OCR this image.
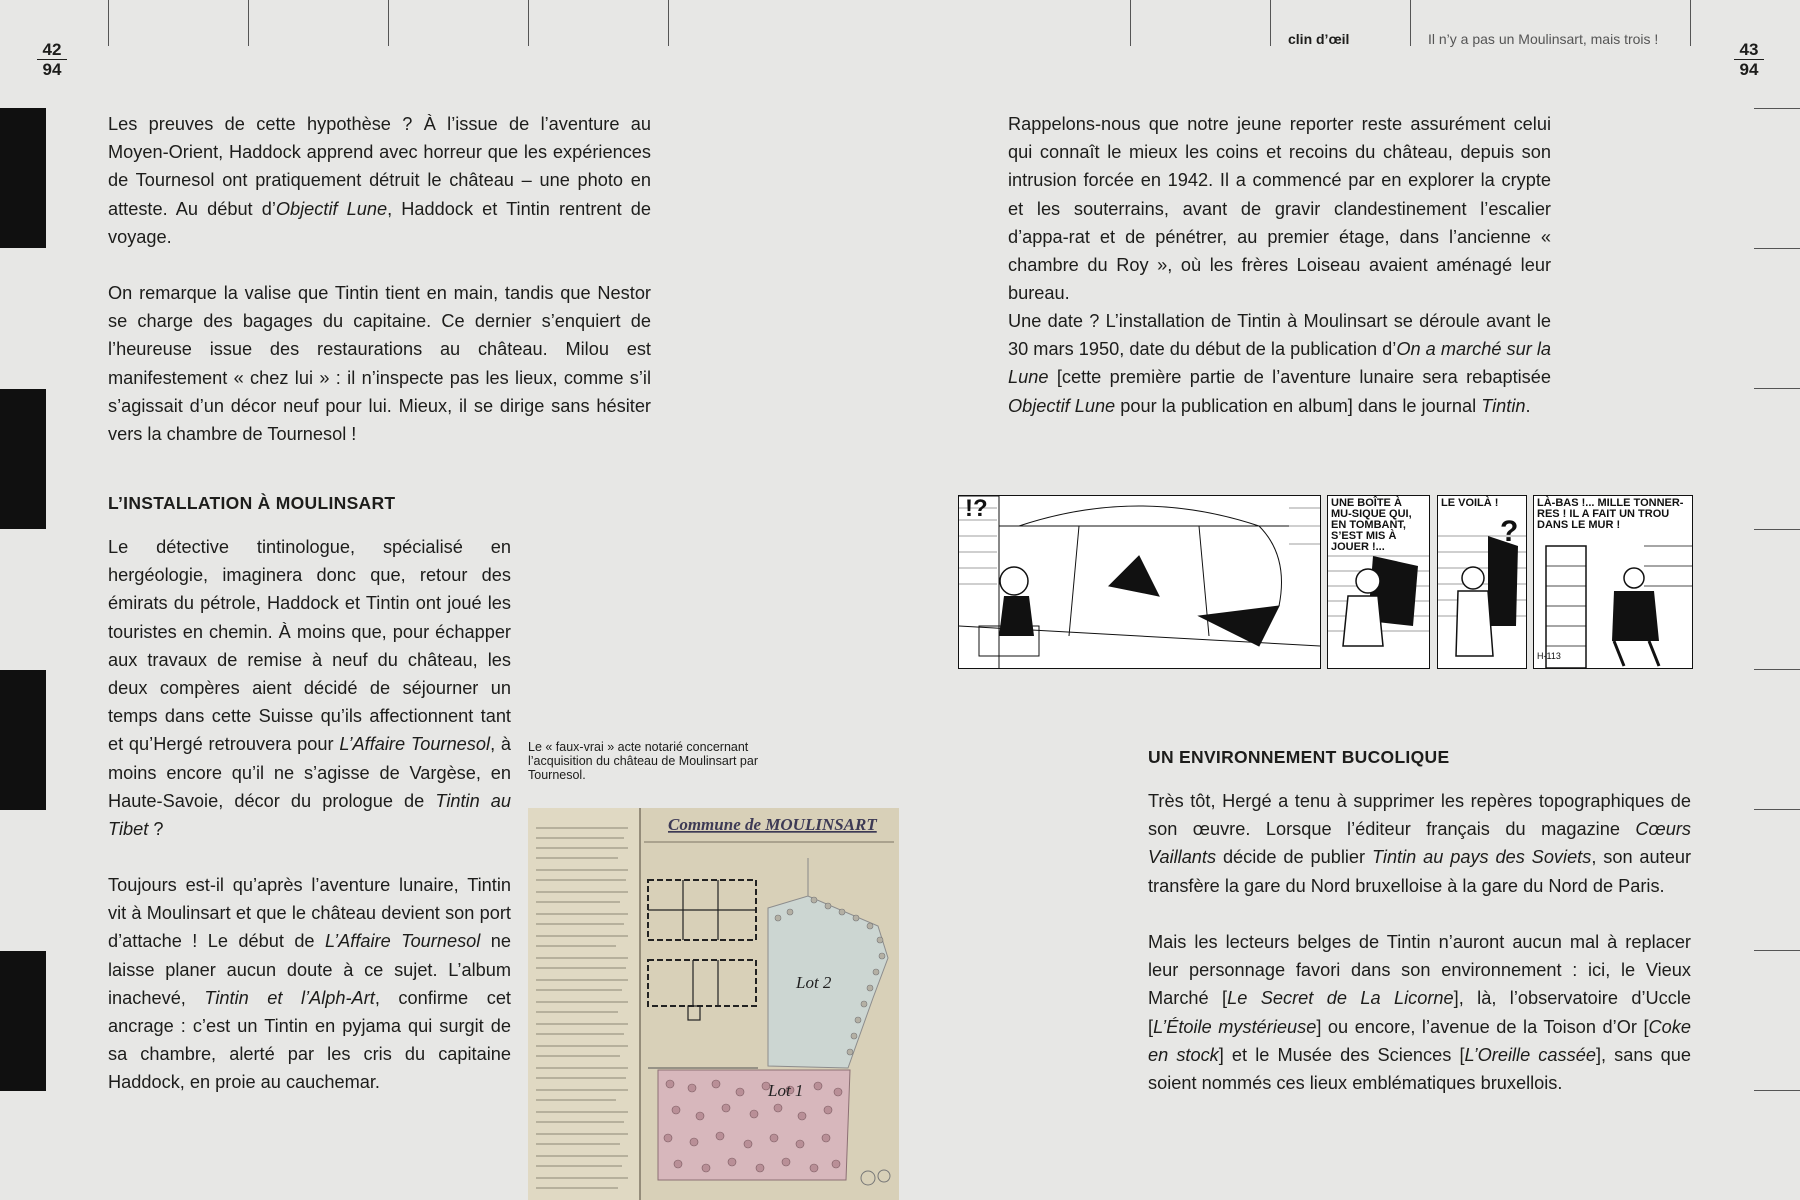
42
94
43
94
clin d’œil	Il n’y a pas un Moulinsart, mais trois !

Les preuves de cette hypothèse ? À l’issue de l’aventure au Moyen-Orient, Haddock apprend avec horreur que les expériences de Tournesol ont pratiquement détruit le château – une photo en atteste. Au début d’Objectif Lune, Haddock et Tintin rentrent de voyage.

On remarque la valise que Tintin tient en main, tandis que Nestor se charge des bagages du capitaine. Ce dernier s’enquiert de l’heureuse issue des restaurations au château. Milou est manifestement « chez lui » : il n’inspecte pas les lieux, comme s’il s’agissait d’un décor neuf pour lui. Mieux, il se dirige sans hésiter vers la chambre de Tournesol !

L’INSTALLATION À MOULINSART

Le détective tintinologue, spécialisé en hergéologie, imaginera donc que, retour des émirats du pétrole, Haddock et Tintin ont joué les touristes en chemin. À moins que, pour échapper aux travaux de remise à neuf du château, les deux compères aient décidé de séjourner un temps dans cette Suisse qu’ils affectionnent tant et qu’Hergé retrouvera pour L’Affaire Tournesol, à moins encore qu’il ne s’agisse de Vargèse, en Haute-Savoie, décor du prologue de Tintin au Tibet ?

Toujours est-il qu’après l’aventure lunaire, Tintin vit à Moulinsart et que le château devient son port d’attache ! Le début de L’Affaire Tournesol ne laisse planer aucun doute à ce sujet. L’album inachevé, Tintin et l’Alph-Art, confirme cet ancrage : c’est un Tintin en pyjama qui surgit de sa chambre, alerté par les cris du capitaine Haddock, en proie au cauchemar.

Le « faux-vrai » acte notarié concernant l’acquisition du château de Moulinsart par Tournesol.
Commune de MOULINSART
Lot 2
Lot 1

Rappelons-nous que notre jeune reporter reste assurément celui qui connaît le mieux les coins et recoins du château, depuis son intrusion forcée en 1942. Il a commencé par en explorer la crypte et les souterrains, avant de gravir clandestinement l’escalier d’appa-rat et de pénétrer, au premier étage, dans l’ancienne « chambre du Roy », où les frères Loiseau avaient aménagé leur bureau.

Une date ? L’installation de Tintin à Moulinsart se déroule avant le 30 mars 1950, date du début de la publication d’On a marché sur la Lune [cette première partie de l’aventure lunaire sera rebaptisée Objectif Lune pour la publication en album] dans le journal Tintin.

!?	UNE BOÎTE À MU-SIQUE QUI, EN TOMBANT, S’EST MIS À JOUER !...	?
LE VOILÀ !	LÀ-BAS !... MILLE TONNER-RES ! IL A FAIT UN TROU DANS LE MUR !
H-113
UN ENVIRONNEMENT BUCOLIQUE

Très tôt, Hergé a tenu à supprimer les repères topographiques de son œuvre. Lorsque l’éditeur français du magazine Cœurs Vaillants décide de publier Tintin au pays des Soviets, son auteur transfère la gare du Nord bruxelloise à la gare du Nord de Paris.

Mais les lecteurs belges de Tintin n’auront aucun mal à replacer leur personnage favori dans son environnement : ici, le Vieux Marché [Le Secret de La Licorne], là, l’observatoire d’Uccle [L’Étoile mystérieuse] ou encore, l’avenue de la Toison d’Or [Coke en stock] et le Musée des Sciences [L’Oreille cassée], sans que soient nommés ces lieux emblématiques bruxellois.
